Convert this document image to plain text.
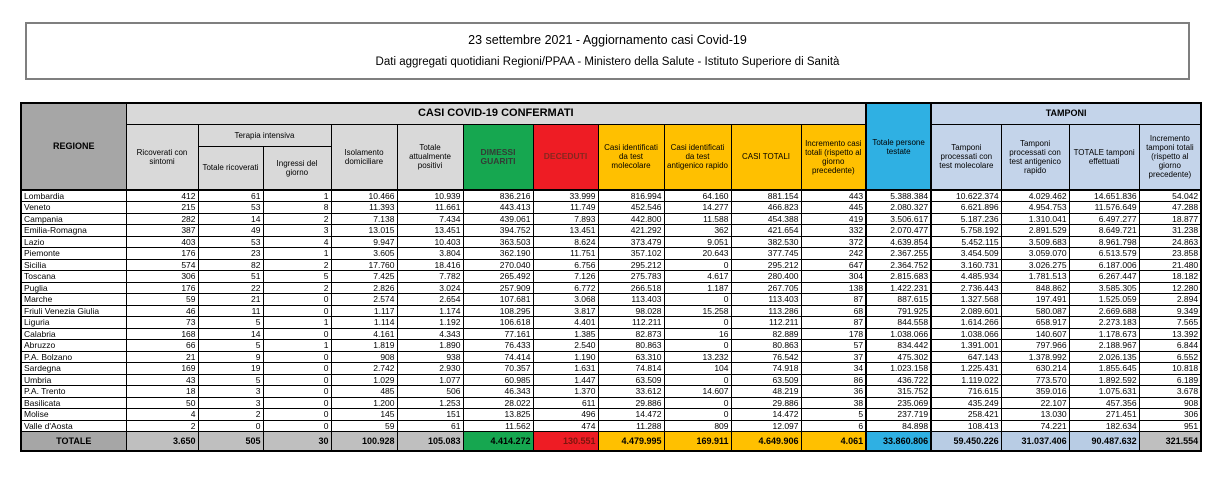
23 settembre 2021 - Aggiornamento casi Covid-19
Dati aggregati quotidiani Regioni/PPAA - Ministero della Salute - Istituto Superiore di Sanità
REGIONE	CASI COVID-19 CONFERMATI											Totale persone testate	TAMPONI			
	Ricoverati con sintomi	Terapia intensiva		Isolamento domiciliare	Totale attualmente positivi	DIMESSI GUARITI	DECEDUTI	Casi identificati da test molecolare	Casi identificati da test antigenico rapido	CASI TOTALI	Incremento casi totali (rispetto al giorno precedente)		Tamponi processati con test molecolare	Tamponi processati con test antigenico rapido	TOTALE tamponi effettuati	Incremento tamponi totali (rispetto al giorno precedente)
		Totale ricoverati	Ingressi del giorno													
Lombardia	412	61	1	10.466	10.939	836.216	33.999	816.994	64.160	881.154	443	5.388.384	10.622.374	4.029.462	14.651.836	54.042
Veneto	215	53	8	11.393	11.661	443.413	11.749	452.546	14.277	466.823	445	2.080.327	6.621.896	4.954.753	11.576.649	47.288
Campania	282	14	2	7.138	7.434	439.061	7.893	442.800	11.588	454.388	419	3.506.617	5.187.236	1.310.041	6.497.277	18.877
Emilia-Romagna	387	49	3	13.015	13.451	394.752	13.451	421.292	362	421.654	332	2.070.477	5.758.192	2.891.529	8.649.721	31.238
Lazio	403	53	4	9.947	10.403	363.503	8.624	373.479	9.051	382.530	372	4.639.854	5.452.115	3.509.683	8.961.798	24.863
Piemonte	176	23	1	3.605	3.804	362.190	11.751	357.102	20.643	377.745	242	2.367.255	3.454.509	3.059.070	6.513.579	23.858
Sicilia	574	82	2	17.760	18.416	270.040	6.756	295.212	0	295.212	647	2.364.752	3.160.731	3.026.275	6.187.006	21.480
Toscana	306	51	5	7.425	7.782	265.492	7.126	275.783	4.617	280.400	304	2.815.683	4.485.934	1.781.513	6.267.447	18.182
Puglia	176	22	2	2.826	3.024	257.909	6.772	266.518	1.187	267.705	138	1.422.231	2.736.443	848.862	3.585.305	12.280
Marche	59	21	0	2.574	2.654	107.681	3.068	113.403	0	113.403	87	887.615	1.327.568	197.491	1.525.059	2.894
Friuli Venezia Giulia	46	11	0	1.117	1.174	108.295	3.817	98.028	15.258	113.286	68	791.925	2.089.601	580.087	2.669.688	9.349
Liguria	73	5	1	1.114	1.192	106.618	4.401	112.211	0	112.211	87	844.558	1.614.266	658.917	2.273.183	7.565
Calabria	168	14	0	4.161	4.343	77.161	1.385	82.873	16	82.889	178	1.038.066	1.038.066	140.607	1.178.673	13.392
Abruzzo	66	5	1	1.819	1.890	76.433	2.540	80.863	0	80.863	57	834.442	1.391.001	797.966	2.188.967	6.844
P.A. Bolzano	21	9	0	908	938	74.414	1.190	63.310	13.232	76.542	37	475.302	647.143	1.378.992	2.026.135	6.552
Sardegna	169	19	0	2.742	2.930	70.357	1.631	74.814	104	74.918	34	1.023.158	1.225.431	630.214	1.855.645	10.818
Umbria	43	5	0	1.029	1.077	60.985	1.447	63.509	0	63.509	86	436.722	1.119.022	773.570	1.892.592	6.189
P.A. Trento	18	3	0	485	506	46.343	1.370	33.612	14.607	48.219	36	315.752	716.615	359.016	1.075.631	3.678
Basilicata	50	3	0	1.200	1.253	28.022	611	29.886	0	29.886	38	235.069	435.249	22.107	457.356	908
Molise	4	2	0	145	151	13.825	496	14.472	0	14.472	5	237.719	258.421	13.030	271.451	306
Valle d'Aosta	2	0	0	59	61	11.562	474	11.288	809	12.097	6	84.898	108.413	74.221	182.634	951
TOTALE	3.650	505	30	100.928	105.083	4.414.272	130.551	4.479.995	169.911	4.649.906	4.061	33.860.806	59.450.226	31.037.406	90.487.632	321.554
